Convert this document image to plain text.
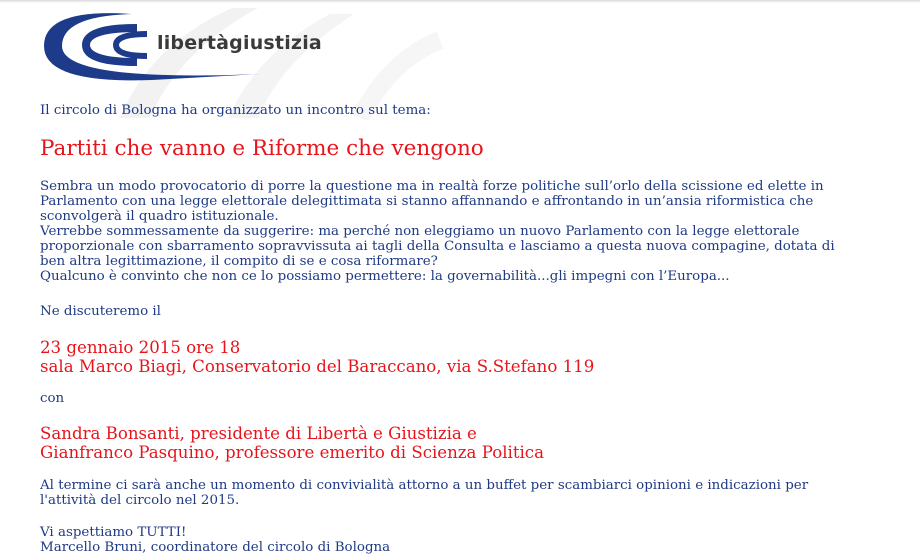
libertàgiustizia
Il circolo di Bologna ha organizzato un incontro sul tema:
Partiti che vanno e Riforme che vengono
Sembra un modo provocatorio di porre la questione ma in realtà forze politiche sull’orlo della scissione ed elette in
Parlamento con una legge elettorale delegittimata si stanno affannando e affrontando in un’ansia riformistica che
sconvolgerà il quadro istituzionale.
Verrebbe sommessamente da suggerire: ma perché non eleggiamo un nuovo Parlamento con la legge elettorale
proporzionale con sbarramento sopravvissuta ai tagli della Consulta e lasciamo a questa nuova compagine, dotata di
ben altra legittimazione, il compito di se e cosa riformare?
Qualcuno è convinto che non ce lo possiamo permettere: la governabilità...gli impegni con l’Europa...
Ne discuteremo il
23 gennaio 2015 ore 18
sala Marco Biagi, Conservatorio del Baraccano, via S.Stefano 119
con
Sandra Bonsanti, presidente di Libertà e Giustizia e
Gianfranco Pasquino, professore emerito di Scienza Politica
Al termine ci sarà anche un momento di convivialità attorno a un buffet per scambiarci opinioni e indicazioni per
l'attività del circolo nel 2015.
Vi aspettiamo TUTTI!
Marcello Bruni, coordinatore del circolo di Bologna
